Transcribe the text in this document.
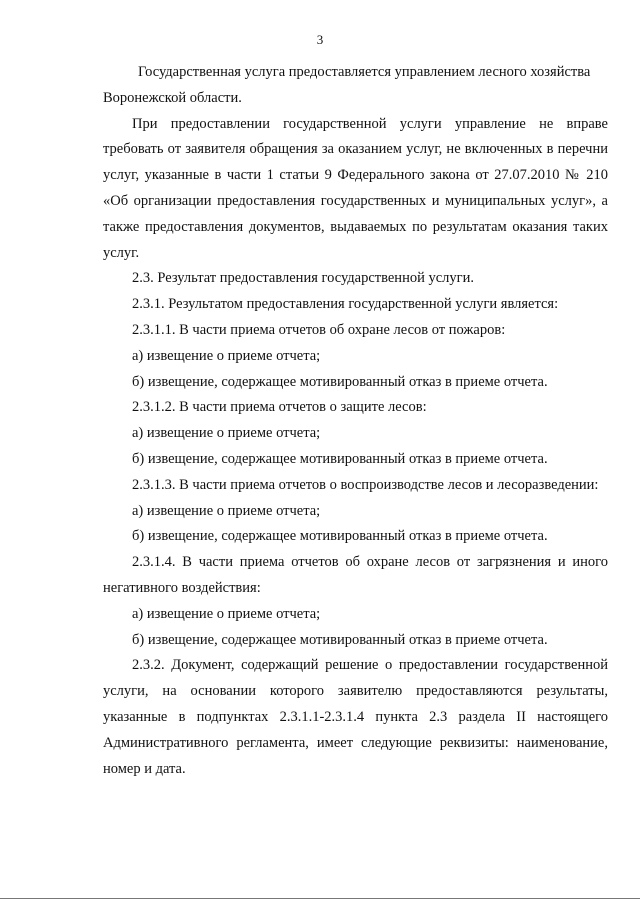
3

Государственная услуга предоставляется управлением лесного хозяйства Воронежской области.

При предоставлении государственной услуги управление не вправе требовать от заявителя обращения за оказанием услуг, не включенных в перечни услуг, указанные в части 1 статьи 9 Федерального закона от 27.07.2010 № 210 «Об организации предоставления государственных и муниципальных услуг», а также предоставления документов, выдаваемых по результатам оказания таких услуг.

2.3. Результат предоставления государственной услуги.

2.3.1. Результатом предоставления государственной услуги является:

2.3.1.1. В части приема отчетов об охране лесов от пожаров:

а) извещение о приеме отчета;

б) извещение, содержащее мотивированный отказ в приеме отчета.

2.3.1.2. В части приема отчетов о защите лесов:

а) извещение о приеме отчета;

б) извещение, содержащее мотивированный отказ в приеме отчета.

2.3.1.3. В части приема отчетов о воспроизводстве лесов и лесоразведении:

а) извещение о приеме отчета;

б) извещение, содержащее мотивированный отказ в приеме отчета.

2.3.1.4. В части приема отчетов об охране лесов от загрязнения и иного негативного воздействия:

а) извещение о приеме отчета;

б) извещение, содержащее мотивированный отказ в приеме отчета.

2.3.2. Документ, содержащий решение о предоставлении государственной услуги, на основании которого заявителю предоставляются результаты, указанные в подпунктах 2.3.1.1-2.3.1.4 пункта 2.3 раздела II настоящего Административного регламента, имеет следующие реквизиты: наименование, номер и дата.
